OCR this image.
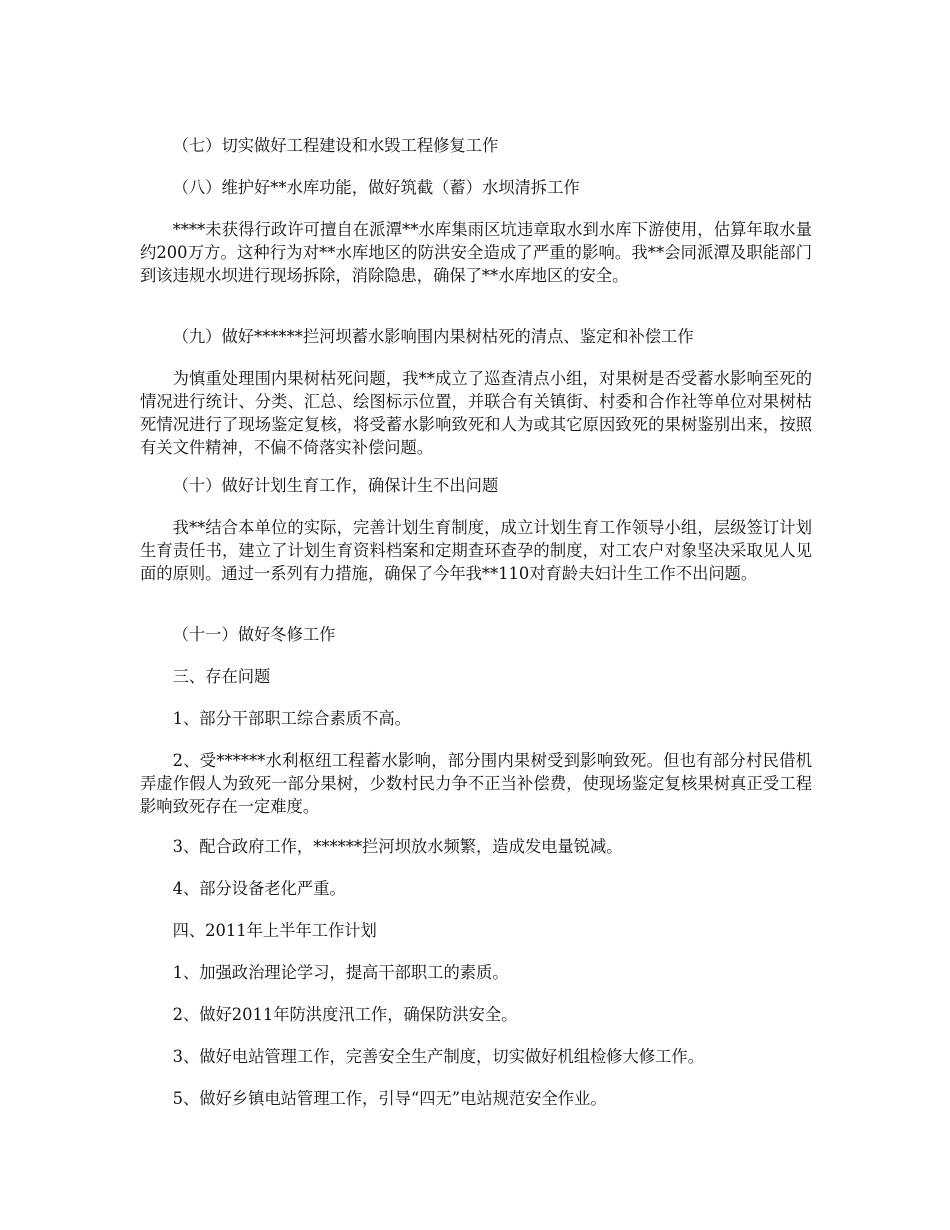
（七）切实做好工程建设和水毁工程修复工作

（八）维护好**水库功能，做好筑截（蓄）水坝清拆工作

****未获得行政许可擅自在派潭**水库集雨区坑违章取水到水库下游使用，估算年取水量约200万方。这种行为对**水库地区的防洪安全造成了严重的影响。我**会同派潭及职能部门到该违规水坝进行现场拆除，消除隐患，确保了**水库地区的安全。

（九）做好******拦河坝蓄水影响围内果树枯死的清点、鉴定和补偿工作

为慎重处理围内果树枯死问题，我**成立了巡查清点小组，对果树是否受蓄水影响至死的情况进行统计、分类、汇总、绘图标示位置，并联合有关镇街、村委和合作社等单位对果树枯死情况进行了现场鉴定复核，将受蓄水影响致死和人为或其它原因致死的果树鉴别出来，按照有关文件精神，不偏不倚落实补偿问题。

（十）做好计划生育工作，确保计生不出问题

我**结合本单位的实际，完善计划生育制度，成立计划生育工作领导小组，层级签订计划生育责任书，建立了计划生育资料档案和定期查环查孕的制度，对工农户对象坚决采取见人见面的原则。通过一系列有力措施，确保了今年我**110对育龄夫妇计生工作不出问题。

（十一）做好冬修工作

三、存在问题

1、部分干部职工综合素质不高。

2、受******水利枢纽工程蓄水影响，部分围内果树受到影响致死。但也有部分村民借机弄虚作假人为致死一部分果树，少数村民力争不正当补偿费，使现场鉴定复核果树真正受工程影响致死存在一定难度。

3、配合政府工作，******拦河坝放水频繁，造成发电量锐减。

4、部分设备老化严重。

四、2011年上半年工作计划

1、加强政治理论学习，提高干部职工的素质。

2、做好2011年防洪度汛工作，确保防洪安全。

3、做好电站管理工作，完善安全生产制度，切实做好机组检修大修工作。

5、做好乡镇电站管理工作，引导“四无”电站规范安全作业。
